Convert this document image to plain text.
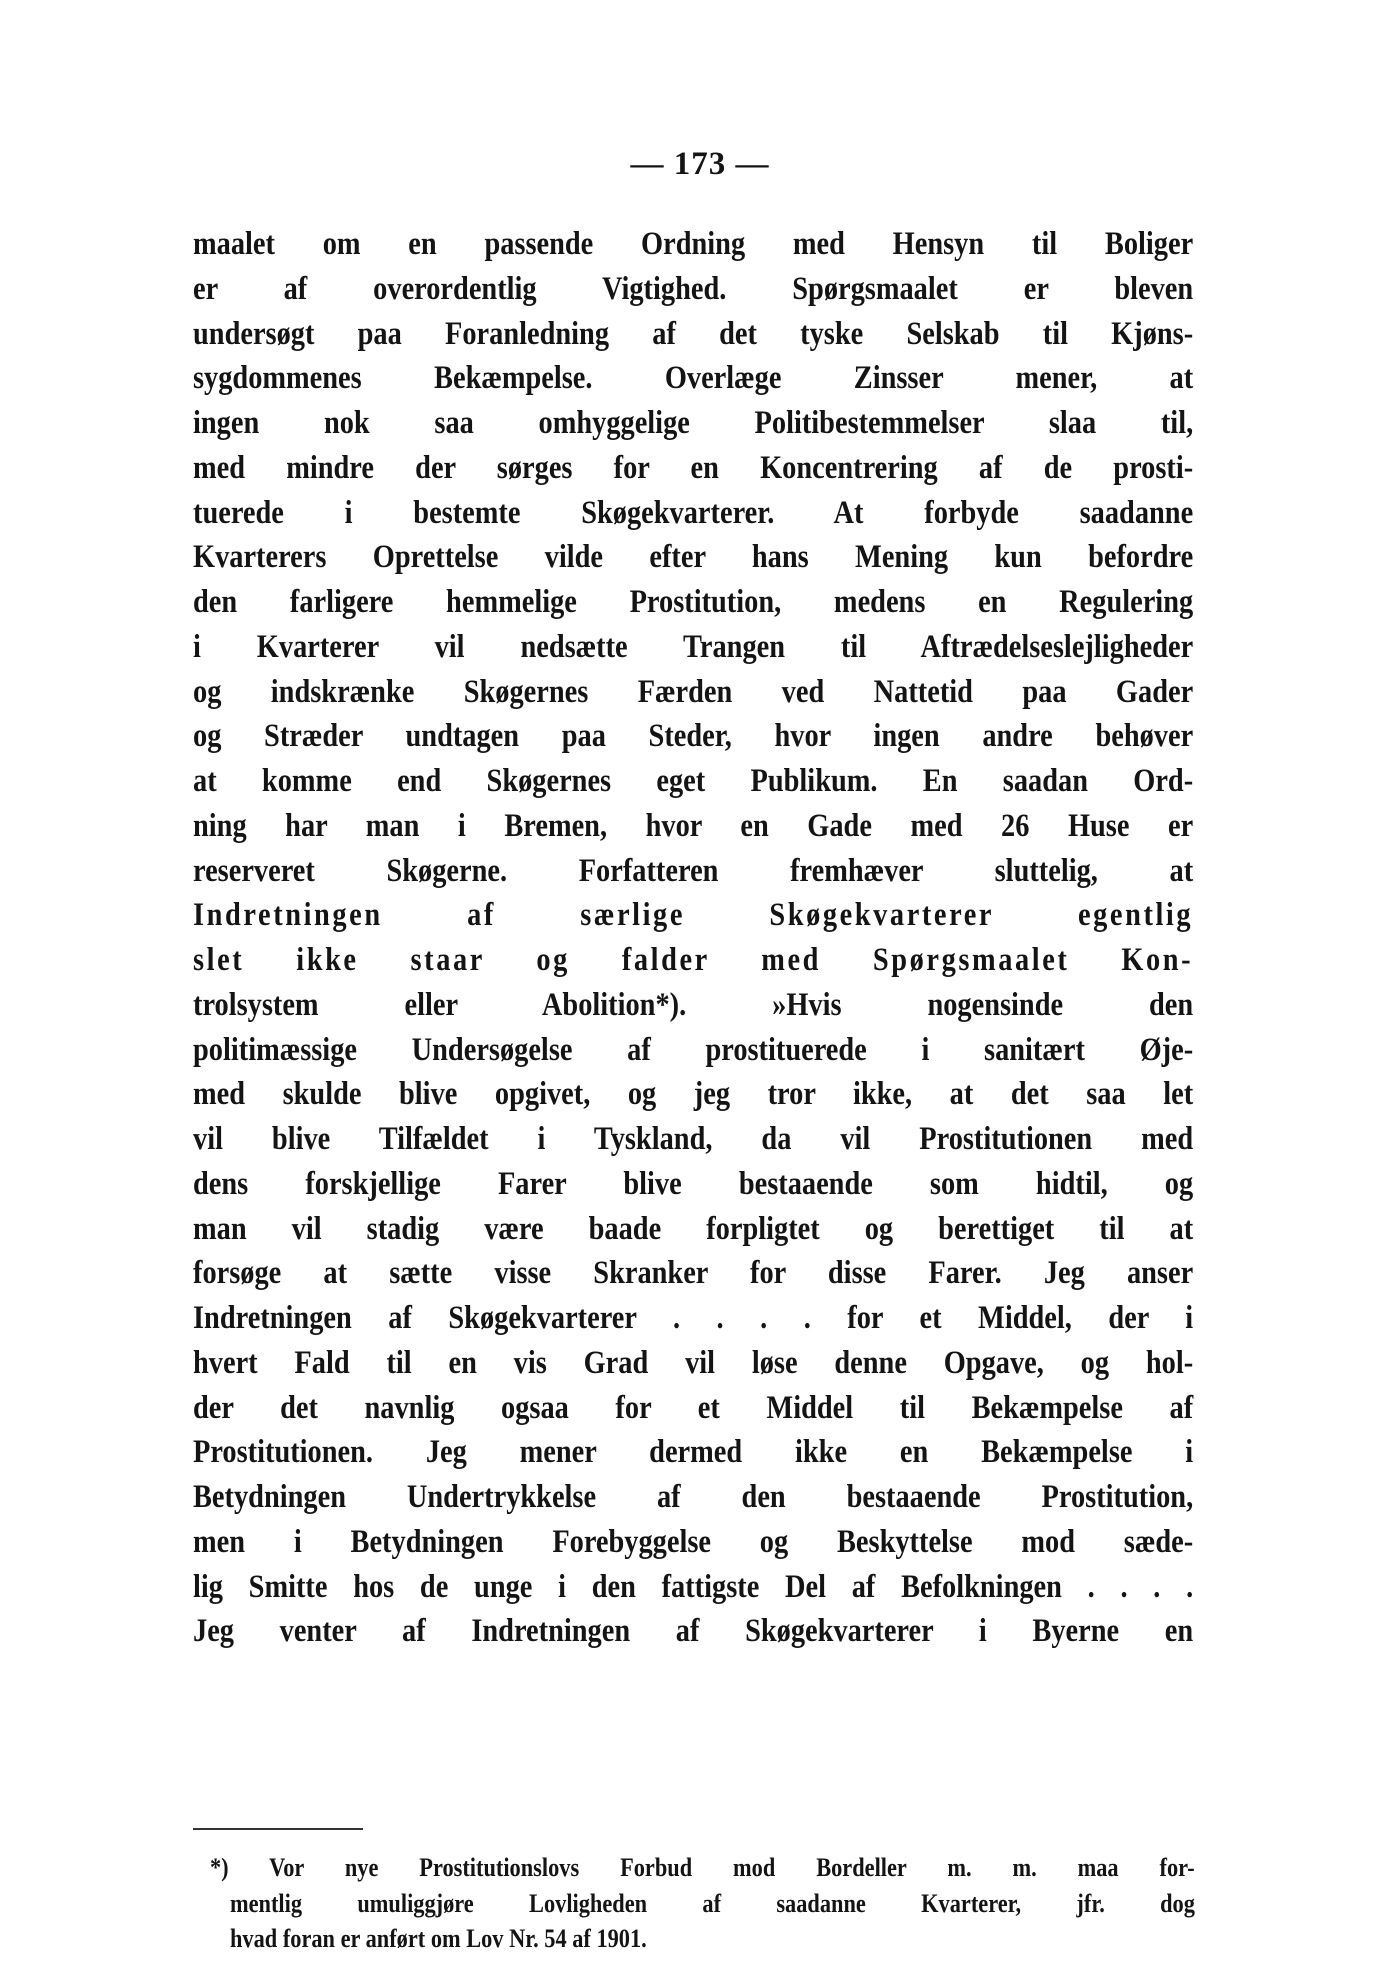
— 173 —
maalet om en passende Ordning med Hensyn til Boliger
er af overordentlig Vigtighed. Spørgsmaalet er bleven
undersøgt paa Foranledning af det tyske Selskab til Kjøns-
sygdommenes Bekæmpelse. Overlæge Zinsser mener, at
ingen nok saa omhyggelige Politibestemmelser slaa til,
med mindre der sørges for en Koncentrering af de prosti-
tuerede i bestemte Skøgekvarterer. At forbyde saadanne
Kvarterers Oprettelse vilde efter hans Mening kun befordre
den farligere hemmelige Prostitution, medens en Regulering
i Kvarterer vil nedsætte Trangen til Aftrædelseslejligheder
og indskrænke Skøgernes Færden ved Nattetid paa Gader
og Stræder undtagen paa Steder, hvor ingen andre behøver
at komme end Skøgernes eget Publikum. En saadan Ord-
ning har man i Bremen, hvor en Gade med 26 Huse er
reserveret Skøgerne. Forfatteren fremhæver sluttelig, at
Indretningen af særlige Skøgekvarterer egentlig
slet ikke staar og falder med Spørgsmaalet Kon-
trolsystem eller Abolition*). »Hvis nogensinde den
politimæssige Undersøgelse af prostituerede i sanitært Øje-
med skulde blive opgivet, og jeg tror ikke, at det saa let
vil blive Tilfældet i Tyskland, da vil Prostitutionen med
dens forskjellige Farer blive bestaaende som hidtil, og
man vil stadig være baade forpligtet og berettiget til at
forsøge at sætte visse Skranker for disse Farer. Jeg anser
Indretningen af Skøgekvarterer . . . . for et Middel, der i
hvert Fald til en vis Grad vil løse denne Opgave, og hol-
der det navnlig ogsaa for et Middel til Bekæmpelse af
Prostitutionen. Jeg mener dermed ikke en Bekæmpelse i
Betydningen Undertrykkelse af den bestaaende Prostitution,
men i Betydningen Forebyggelse og Beskyttelse mod sæde-
lig Smitte hos de unge i den fattigste Del af Befolkningen . . . .
Jeg venter af Indretningen af Skøgekvarterer i Byerne en
*) Vor nye Prostitutionslovs Forbud mod Bordeller m. m. maa for-
mentlig umuliggjøre Lovligheden af saadanne Kvarterer, jfr. dog
hvad foran er anført om Lov Nr. 54 af 1901.
